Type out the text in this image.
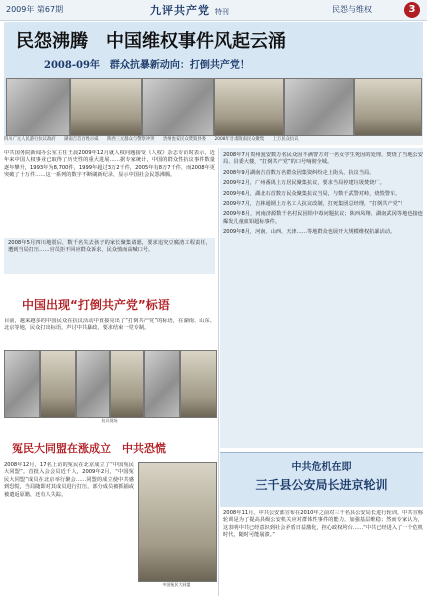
2009年 第67期	九评共产党 特刊	民怨与维权	3
民怨沸腾　中国维权事件风起云涌
2008-09年　群众抗暴新动向：打倒共产党！
四川广元人民游行抗议政府　　湖南吉首百姓示威　　陕西三元群众与警察冲突　　贵州瓮安民众焚毁县委　　2008年甘肃陇南民众聚集　　上万民众抗议

中共国务院新闻办公室主任王晨2009年12月就人权问题接受《人权》杂志专访时表示，近年来中国人权事业已取得了历史性的重大进展……据专家统计，中国的群众性抗议事件数量逐年攀升，1993年为8,700件，1999年超过3万2千件，2005年有8万7千件，而2008年更突破了十万件……这一系列的数字不断刷新纪录，显示中国社会民怨沸腾。

2008年5月四川地震后，数千名失去孩子的家长聚集请愿，要求追究豆腐渣工程责任，遭到当局打压……官员拒不回应群众诉求，民众愤而高喊口号。

中国出现“打倒共产党”标语

目前，越来越多的中国民众在抗议活动中直接亮出了“打倒共产党”的标语，在湖南、山东、北京等地，民众打出标语，声讨中共暴政，要求结束一党专制。

抗议现场
冤民大同盟在涨成立　中共恐慌

2008年12月，17名上访的冤民在北京成立了“中国冤民大同盟”。首批入会会员近千人，2009年2月，“中国冤民大同盟”成员在北京举行聚会……同盟的成立使中共感到恐慌，当局随即对其成员进行打压，部分成员被抓捕或被遣返原籍，还有人失踪。

中国冤民大同盟

2008年7月贵州瓮安数万名民众因不满警方对一名女学生死因的处理，焚烧了当地公安局、县委大楼，“打倒共产党”的口号响彻全城。

2008年9月湖南吉首数万名群众因集资纠纷走上街头，抗议当局。

2009年2月，广州番禺上万居民聚集抗议，要求当局停建垃圾焚烧厂。

2009年6月，湖北石首数万民众聚集抗议当局，与数千武警对峙，烧毁警车。

2009年7月，吉林通钢上万名工人抗议改制，打死集团总经理，“打倒共产党”！

2009年8月，河南济源数千名村民因铅中毒问题抗议；陕西凤翔、湖南武冈等地也接连爆发儿童血铅超标事件。

2009年8月，河南、山西、天津……等地群众也展开大规模维权抗暴活动。

中共危机在即
三千县公安局长进京轮训

2008年11月，中共公安部宣布在2010年之前对三千名县公安局长进行轮训。中共宣称轮训是为了提高县级公安机关应对群体性事件的能力，加强基层维稳；然而专家认为，这表明中共已经意识到社会矛盾日益激化，担心政权垮台……“中共已经进入了一个危机时代，随时可能崩溃。”
